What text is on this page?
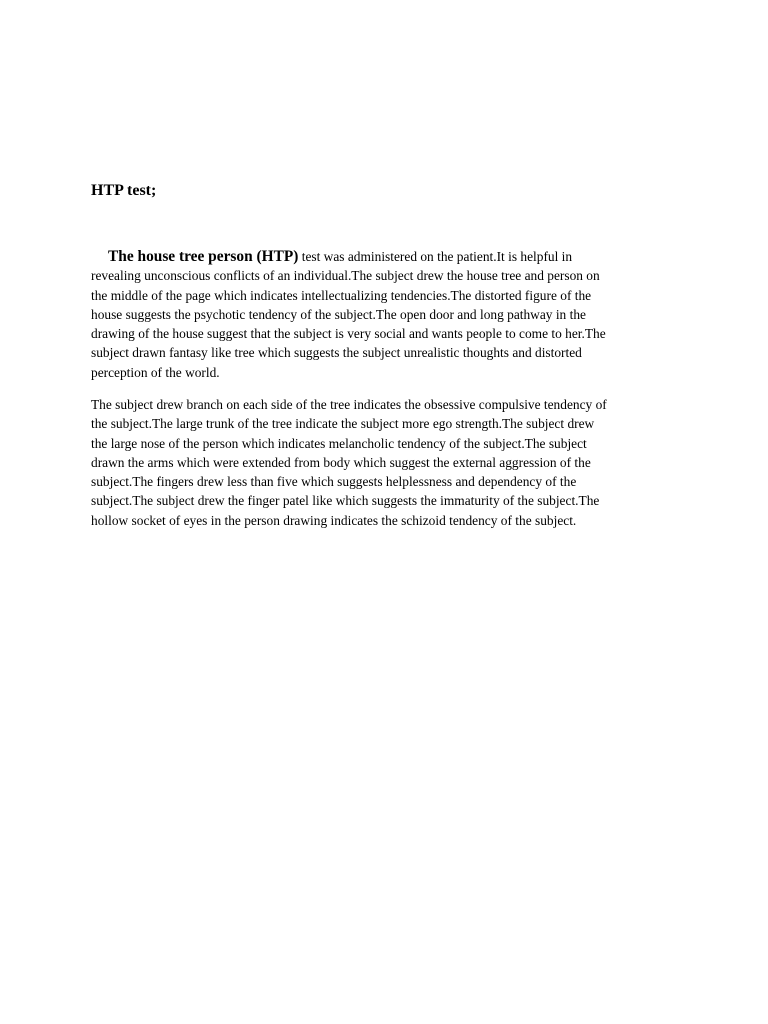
HTP test;

The house tree person (HTP) test was administered on the patient.It is helpful in
revealing unconscious conflicts of an individual.The subject drew the house tree and person on
the middle of the page which indicates intellectualizing tendencies.The distorted figure of the
house suggests the psychotic tendency of the subject.The open door and long pathway in the
drawing of the house suggest that the subject is very social and wants people to come to her.The
subject drawn fantasy like tree which suggests the subject unrealistic thoughts and distorted
perception of the world.

The subject drew branch on each side of the tree indicates the obsessive compulsive tendency of
the subject.The large trunk of the tree indicate the subject more ego strength.The subject drew
the large nose of the person which indicates melancholic tendency of the subject.The subject
drawn the arms which were extended from body which suggest the external aggression of the
subject.The fingers drew less than five which suggests helplessness and dependency of the
subject.The subject drew the finger patel like which suggests the immaturity of the subject.The
hollow socket of eyes in the person drawing indicates the schizoid tendency of the subject.
